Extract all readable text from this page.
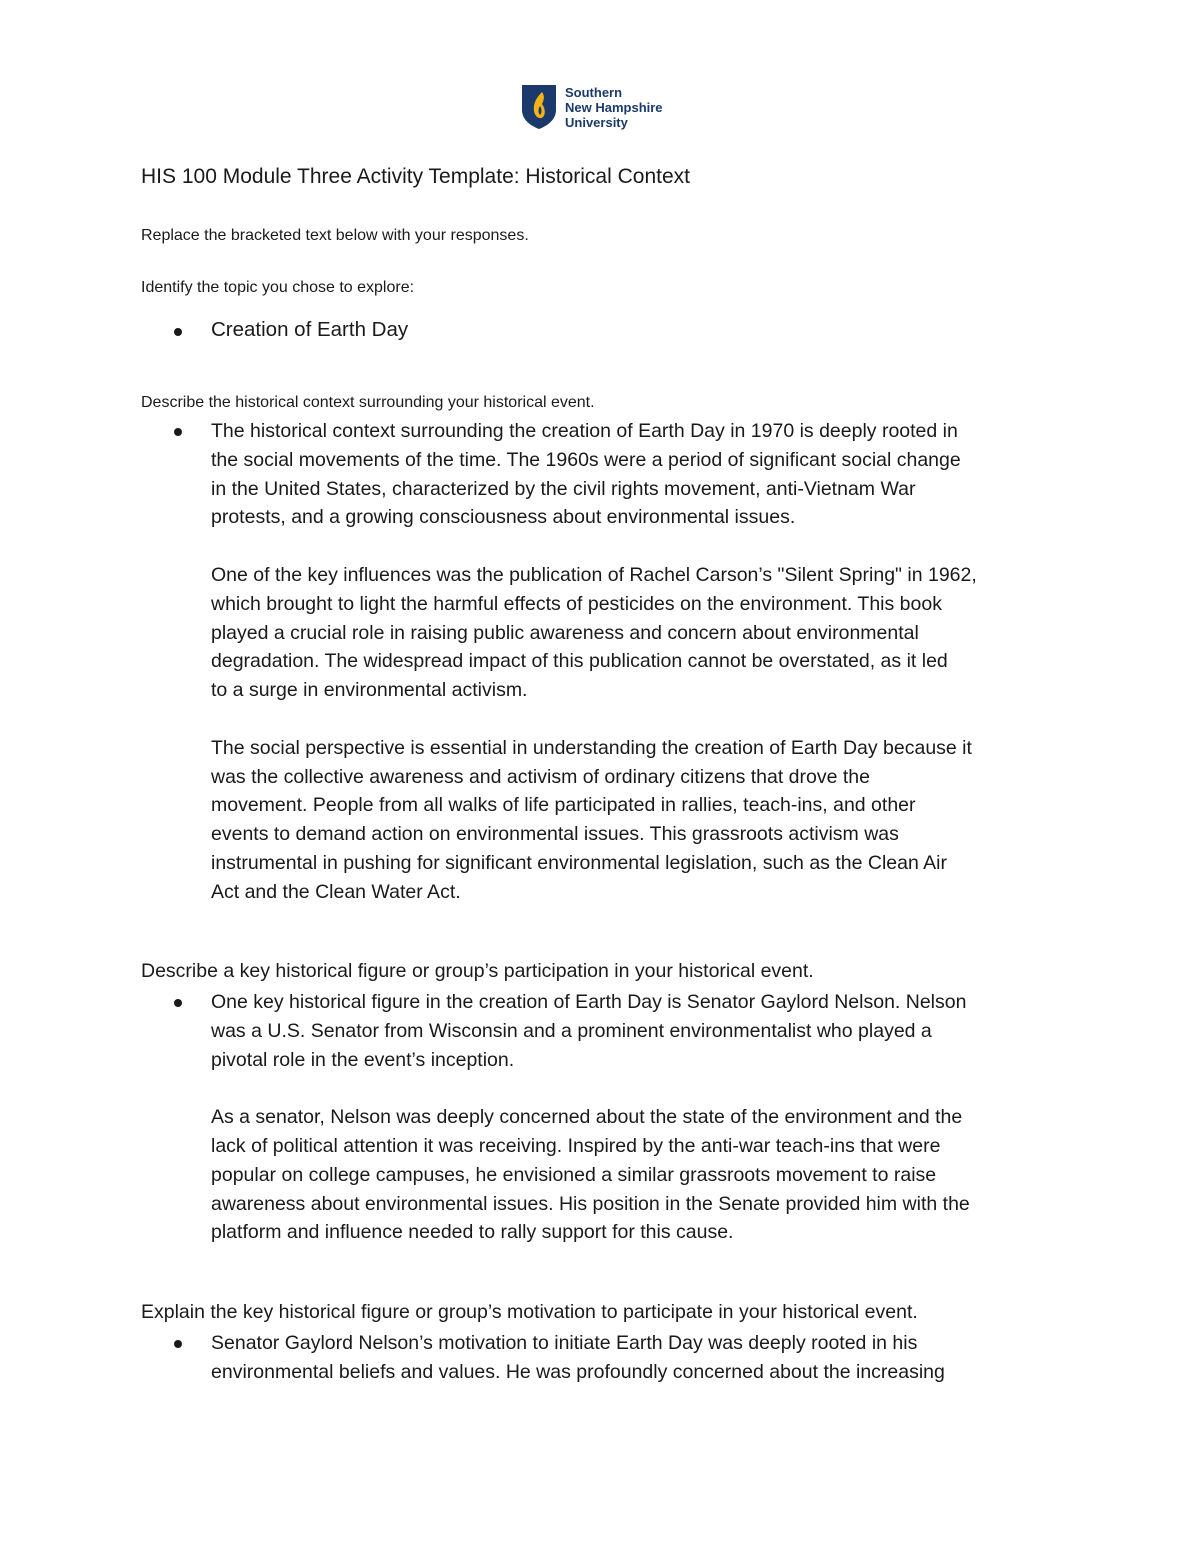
Southern
New Hampshire
University
HIS 100 Module Three Activity Template: Historical Context
Replace the bracketed text below with your responses.
Identify the topic you chose to explore:
Creation of Earth Day
Describe the historical context surrounding your historical event.

The historical context surrounding the creation of Earth Day in 1970 is deeply rooted in

the social movements of the time. The 1960s were a period of significant social change

in the United States, characterized by the civil rights movement, anti-Vietnam War

protests, and a growing consciousness about environmental issues.

One of the key influences was the publication of Rachel Carson’s "Silent Spring" in 1962,

which brought to light the harmful effects of pesticides on the environment. This book

played a crucial role in raising public awareness and concern about environmental

degradation. The widespread impact of this publication cannot be overstated, as it led

to a surge in environmental activism.

The social perspective is essential in understanding the creation of Earth Day because it

was the collective awareness and activism of ordinary citizens that drove the

movement. People from all walks of life participated in rallies, teach-ins, and other

events to demand action on environmental issues. This grassroots activism was

instrumental in pushing for significant environmental legislation, such as the Clean Air

Act and the Clean Water Act.

Describe a key historical figure or group’s participation in your historical event.

One key historical figure in the creation of Earth Day is Senator Gaylord Nelson. Nelson

was a U.S. Senator from Wisconsin and a prominent environmentalist who played a

pivotal role in the event’s inception.

As a senator, Nelson was deeply concerned about the state of the environment and the

lack of political attention it was receiving. Inspired by the anti-war teach-ins that were

popular on college campuses, he envisioned a similar grassroots movement to raise

awareness about environmental issues. His position in the Senate provided him with the

platform and influence needed to rally support for this cause.

Explain the key historical figure or group’s motivation to participate in your historical event.

Senator Gaylord Nelson’s motivation to initiate Earth Day was deeply rooted in his

environmental beliefs and values. He was profoundly concerned about the increasing
